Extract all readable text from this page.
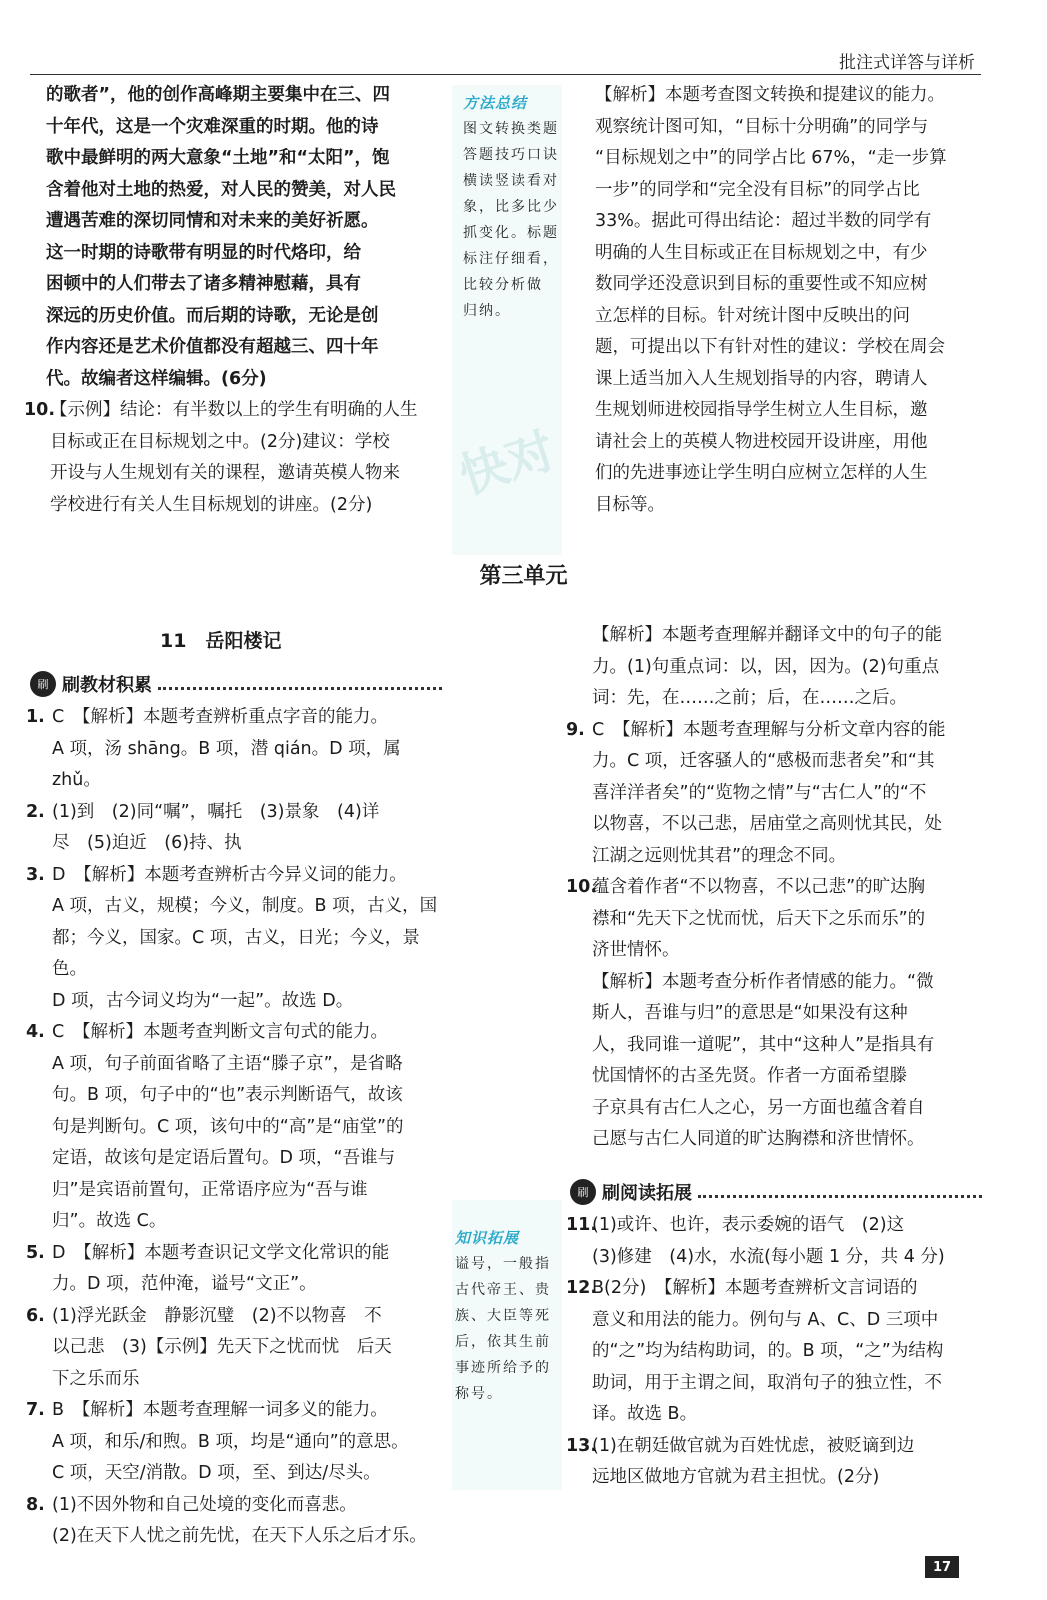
批注式详答与详析

的歌者”，他的创作高峰期主要集中在三、四

十年代，这是一个灾难深重的时期。他的诗

歌中最鲜明的两大意象“土地”和“太阳”，饱

含着他对土地的热爱，对人民的赞美，对人民

遭遇苦难的深切同情和对未来的美好祈愿。

这一时期的诗歌带有明显的时代烙印，给

困顿中的人们带去了诸多精神慰藉，具有

深远的历史价值。而后期的诗歌，无论是创

作内容还是艺术价值都没有超越三、四十年

代。故编者这样编辑。(6分)

10.【示例】结论：有半数以上的学生有明确的人生

目标或正在目标规划之中。(2分)建议：学校

开设与人生规划有关的课程，邀请英模人物来

学校进行有关人生目标规划的讲座。(2分)

方法总结
图文转换类题
答题技巧口诀
横读竖读看对
象，比多比少
抓变化。标题
标注仔细看，
比较分析做
归纳。
快对

【解析】本题考查图文转换和提建议的能力。

观察统计图可知，“目标十分明确”的同学与

“目标规划之中”的同学占比 67%，“走一步算

一步”的同学和“完全没有目标”的同学占比

33%。据此可得出结论：超过半数的同学有

明确的人生目标或正在目标规划之中，有少

数同学还没意识到目标的重要性或不知应树

立怎样的目标。针对统计图中反映出的问

题，可提出以下有针对性的建议：学校在周会

课上适当加入人生规划指导的内容，聘请人

生规划师进校园指导学生树立人生目标，邀

请社会上的英模人物进校园开设讲座，用他

们的先进事迹让学生明白应树立怎样的人生

目标等。

第三单元
11　岳阳楼记
刷 刷教材积累

1. C　【解析】本题考查辨析重点字音的能力。

A 项，汤 shāng。B 项，潜 qián。D 项，属 zhǔ。

2. (1)到　(2)同“嘱”，嘱托　(3)景象　(4)详

尽　(5)迫近　(6)持、执

3. D　【解析】本题考查辨析古今异义词的能力。

A 项，古义，规模；今义，制度。B 项，古义，国

都；今义，国家。C 项，古义，日光；今义，景色。

D 项，古今词义均为“一起”。故选 D。

4. C　【解析】本题考查判断文言句式的能力。

A 项，句子前面省略了主语“滕子京”，是省略

句。B 项，句子中的“也”表示判断语气，故该

句是判断句。C 项，该句中的“高”是“庙堂”的

定语，故该句是定语后置句。D 项，“吾谁与

归”是宾语前置句，正常语序应为“吾与谁

归”。故选 C。

5. D　【解析】本题考查识记文学文化常识的能

力。D 项，范仲淹，谥号“文正”。

6. (1)浮光跃金　静影沉璧　(2)不以物喜　不

以己悲　(3)【示例】先天下之忧而忧　后天

下之乐而乐

7. B　【解析】本题考查理解一词多义的能力。

A 项，和乐/和煦。B 项，均是“通向”的意思。

C 项，天空/消散。D 项，至、到达/尽头。

8. (1)不因外物和自己处境的变化而喜悲。

(2)在天下人忧之前先忧，在天下人乐之后才乐。

知识拓展
谥号，一般指
古代帝王、贵
族、大臣等死
后，依其生前
事迹所给予的
称号。

【解析】本题考查理解并翻译文中的句子的能

力。(1)句重点词：以，因，因为。(2)句重点

词：先，在……之前；后，在……之后。

9. C　【解析】本题考查理解与分析文章内容的能

力。C 项，迁客骚人的“感极而悲者矣”和“其

喜洋洋者矣”的“览物之情”与“古仁人”的“不

以物喜，不以己悲，居庙堂之高则忧其民，处

江湖之远则忧其君”的理念不同。

10.蕴含着作者“不以物喜，不以己悲”的旷达胸

襟和“先天下之忧而忧，后天下之乐而乐”的

济世情怀。

【解析】本题考查分析作者情感的能力。“微

斯人，吾谁与归”的意思是“如果没有这种

人，我同谁一道呢”，其中“这种人”是指具有

忧国情怀的古圣先贤。作者一方面希望滕

子京具有古仁人之心，另一方面也蕴含着自

己愿与古仁人同道的旷达胸襟和济世情怀。

刷 刷阅读拓展

11.(1)或许、也许，表示委婉的语气　(2)这

(3)修建　(4)水，水流(每小题 1 分，共 4 分)

12.B(2分)　【解析】本题考查辨析文言词语的

意义和用法的能力。例句与 A、C、D 三项中

的“之”均为结构助词，的。B 项，“之”为结构

助词，用于主谓之间，取消句子的独立性，不

译。故选 B。

13.(1)在朝廷做官就为百姓忧虑，被贬谪到边

远地区做地方官就为君主担忧。(2分)

17
